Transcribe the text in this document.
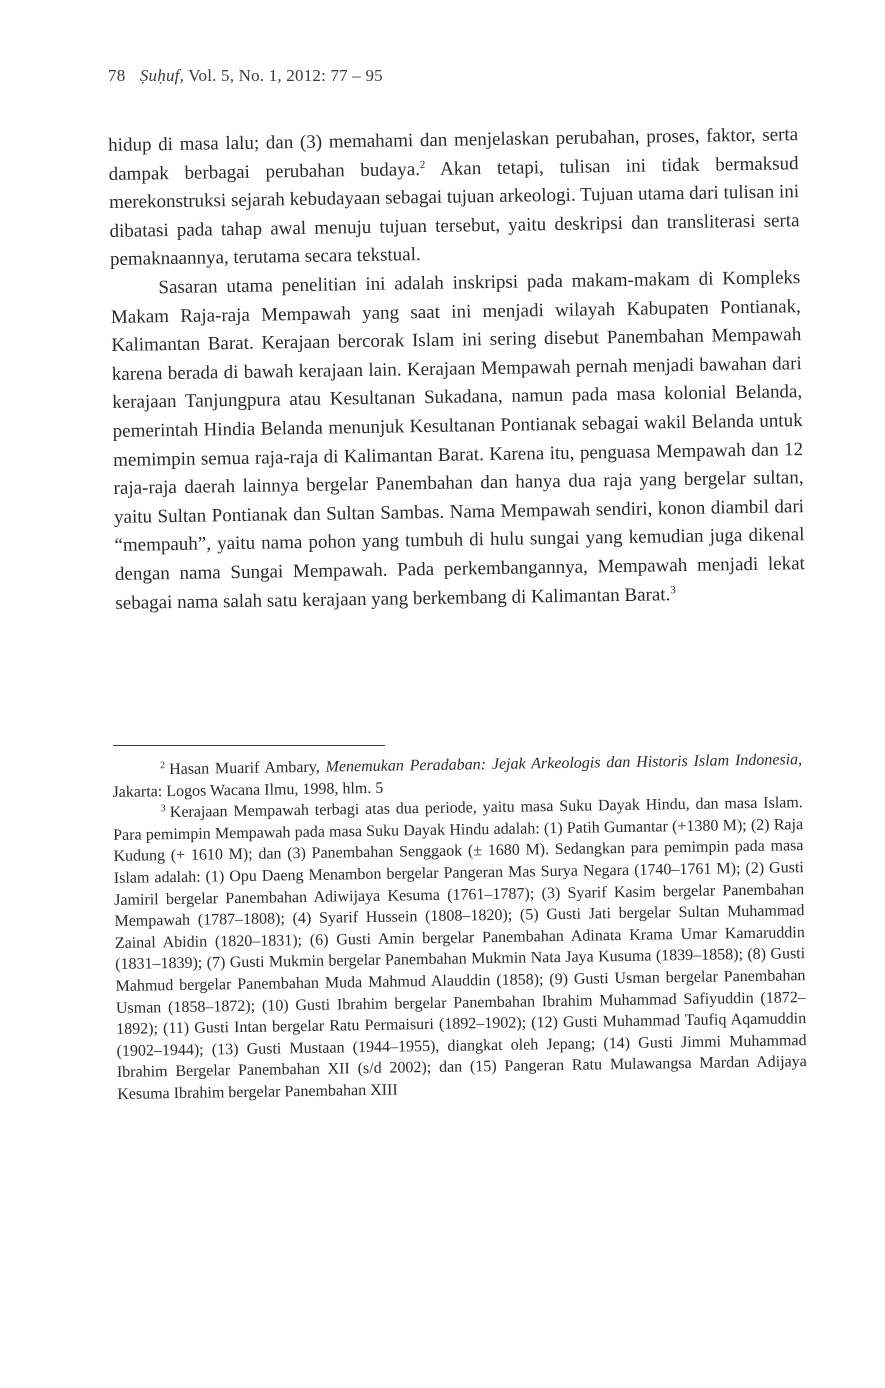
78 Ṣuḥuf, Vol. 5, No. 1, 2012: 77 – 95

hidup di masa lalu; dan (3) memahami dan menjelaskan perubahan, proses, faktor, serta dampak berbagai perubahan budaya.$^2$ Akan tetapi, tulisan ini tidak bermaksud merekonstruksi sejarah kebudayaan sebagai tujuan arkeologi. Tujuan utama dari tulisan ini dibatasi pada tahap awal menuju tujuan tersebut, yaitu deskripsi dan transliterasi serta pemaknaannya, terutama secara tekstual.

Sasaran utama penelitian ini adalah inskripsi pada makam-makam di Kompleks Makam Raja-raja Mempawah yang saat ini menjadi wilayah Kabupaten Pontianak, Kalimantan Barat. Kerajaan bercorak Islam ini sering disebut Panembahan Mempawah karena berada di bawah kerajaan lain. Kerajaan Mempawah pernah menjadi bawahan dari kerajaan Tanjungpura atau Kesultanan Sukadana, namun pada masa kolonial Belanda, pemerintah Hindia Belanda menunjuk Kesultanan Pontianak sebagai wakil Belanda untuk memimpin semua raja-raja di Kalimantan Barat. Karena itu, penguasa Mempawah dan 12 raja-raja daerah lainnya bergelar Panembahan dan hanya dua raja yang bergelar sultan, yaitu Sultan Pontianak dan Sultan Sambas. Nama Mempawah sendiri, konon diambil dari “mempauh”, yaitu nama pohon yang tumbuh di hulu sungai yang kemudian juga dikenal dengan nama Sungai Mempawah. Pada perkembangannya, Mempawah menjadi lekat sebagai nama salah satu kerajaan yang berkembang di Kalimantan Barat.$^3$

$^2$ Hasan Muarif Ambary, Menemukan Peradaban: Jejak Arkeologis dan Historis Islam Indonesia, Jakarta: Logos Wacana Ilmu, 1998, hlm. 5

$^3$ Kerajaan Mempawah terbagi atas dua periode, yaitu masa Suku Dayak Hindu, dan masa Islam. Para pemimpin Mempawah pada masa Suku Dayak Hindu adalah: (1) Patih Gumantar (+1380 M); (2) Raja Kudung (+ 1610 M); dan (3) Panembahan Senggaok (± 1680 M). Sedangkan para pemimpin pada masa Islam adalah: (1) Opu Daeng Menambon bergelar Pangeran Mas Surya Negara (1740–1761 M); (2) Gusti Jamiril bergelar Panembahan Adiwijaya Kesuma (1761–1787); (3) Syarif Kasim bergelar Panembahan Mempawah (1787–1808); (4) Syarif Hussein (1808–1820); (5) Gusti Jati bergelar Sultan Muhammad Zainal Abidin (1820–1831); (6) Gusti Amin bergelar Panembahan Adinata Krama Umar Kamaruddin (1831–1839); (7) Gusti Mukmin bergelar Panembahan Mukmin Nata Jaya Kusuma (1839–1858); (8) Gusti Mahmud bergelar Panembahan Muda Mahmud Alauddin (1858); (9) Gusti Usman bergelar Panembahan Usman (1858–1872); (10) Gusti Ibrahim bergelar Panembahan Ibrahim Muhammad Safiyuddin (1872–1892); (11) Gusti Intan bergelar Ratu Permaisuri (1892–1902); (12) Gusti Muhammad Taufiq Aqamuddin (1902–1944); (13) Gusti Mustaan (1944–1955), diangkat oleh Jepang; (14) Gusti Jimmi Muhammad Ibrahim Bergelar Panembahan XII (s/d 2002); dan (15) Pangeran Ratu Mulawangsa Mardan Adijaya Kesuma Ibrahim bergelar Panembahan XIII
